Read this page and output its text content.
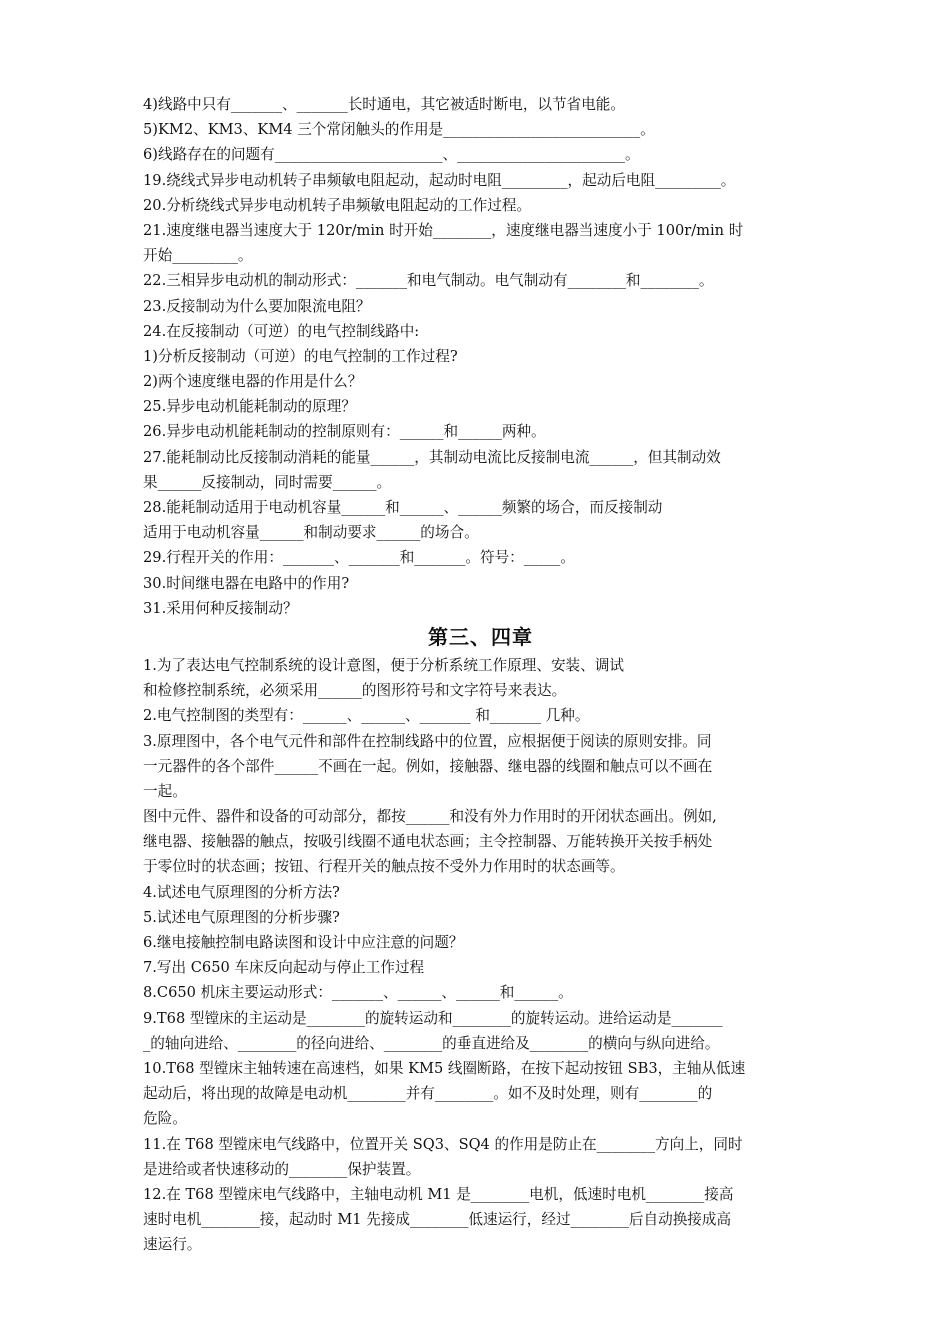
4)线路中只有_______、_______长时通电，其它被适时断电，以节省电能。
5)KM2、KM3、KM4 三个常闭触头的作用是___________________________。
6)线路存在的问题有_______________________、_______________________。
19.绕线式异步电动机转子串频敏电阻起动，起动时电阻_________，起动后电阻_________。
20.分析绕线式异步电动机转子串频敏电阻起动的工作过程。
21.速度继电器当速度大于 120r/min 时开始________，速度继电器当速度小于 100r/min 时
开始_________。
22.三相异步电动机的制动形式：_______和电气制动。电气制动有________和________。
23.反接制动为什么要加限流电阻？
24.在反接制动（可逆）的电气控制线路中:
1)分析反接制动（可逆）的电气控制的工作过程?
2)两个速度继电器的作用是什么？
25.异步电动机能耗制动的原理？
26.异步电动机能耗制动的控制原则有：______和______两种。
27.能耗制动比反接制动消耗的能量______，其制动电流比反接制电流______，但其制动效
果______反接制动，同时需要______。
28.能耗制动适用于电动机容量______和______、______频繁的场合，而反接制动
适用于电动机容量______和制动要求______的场合。
29.行程开关的作用：_______、_______和_______。符号：_____。
30.时间继电器在电路中的作用?
31.采用何种反接制动？
第三、四章
1.为了表达电气控制系统的设计意图，便于分析系统工作原理、安装、调试
和检修控制系统，必须采用______的图形符号和文字符号来表达。
2.电气控制图的类型有：______、______、_______ 和_______ 几种。
3.原理图中，各个电气元件和部件在控制线路中的位置，应根据便于阅读的原则安排。同
一元器件的各个部件______不画在一起。例如，接触器、继电器的线圈和触点可以不画在
一起。
图中元件、器件和设备的可动部分，都按______和没有外力作用时的开闭状态画出。例如,
继电器、接触器的触点，按吸引线圈不通电状态画；主令控制器、万能转换开关按手柄处
于零位时的状态画；按钮、行程开关的触点按不受外力作用时的状态画等。
4.试述电气原理图的分析方法?
5.试述电气原理图的分析步骤?
6.继电接触控制电路读图和设计中应注意的问题？
7.写出 C650 车床反向起动与停止工作过程
8.C650 机床主要运动形式：_______、______、______和______。
9.T68 型镗床的主运动是________的旋转运动和________的旋转运动。进给运动是_______
_的轴向进给、________的径向进给、________的垂直进给及________的横向与纵向进给。
10.T68 型镗床主轴转速在高速档，如果 KM5 线圈断路，在按下起动按钮 SB3，主轴从低速
起动后，将出现的故障是电动机________并有________。如不及时处理，则有________的
危险。
11.在 T68 型镗床电气线路中，位置开关 SQ3、SQ4 的作用是防止在________方向上，同时
是进给或者快速移动的________保护装置。
12.在 T68 型镗床电气线路中，主轴电动机 M1 是________电机，低速时电机________接高
速时电机________接，起动时 M1 先接成________低速运行，经过________后自动换接成高
速运行。
